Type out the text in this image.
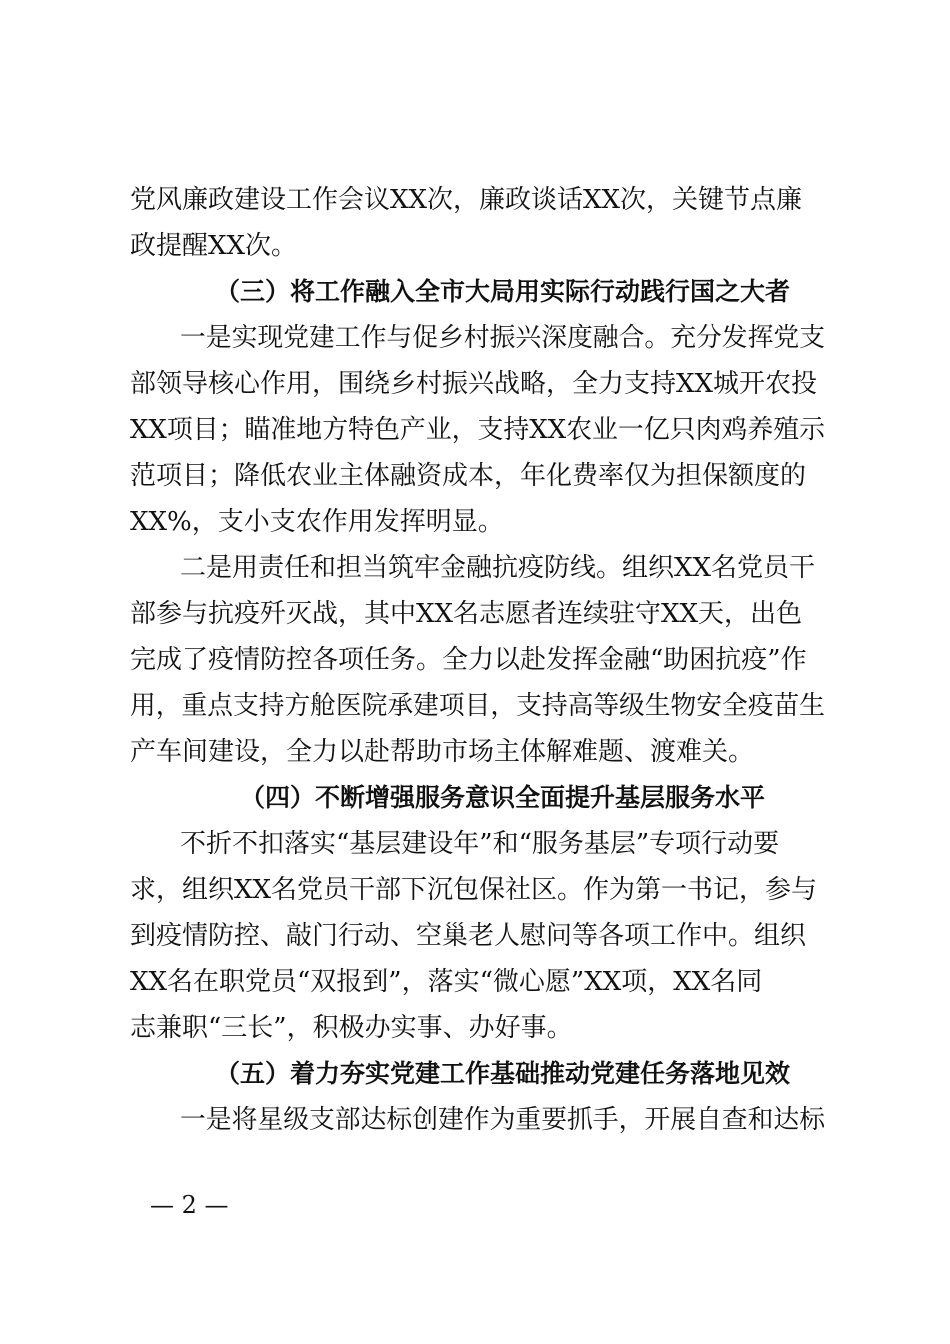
党风廉政建设工作会议XX次，廉政谈话XX次，关键节点廉
政提醒XX次。
（三）将工作融入全市大局用实际行动践行国之大者
一是实现党建工作与促乡村振兴深度融合。充分发挥党支
部领导核心作用，围绕乡村振兴战略，全力支持XX城开农投
XX项目；瞄准地方特色产业，支持XX农业一亿只肉鸡养殖示
范项目；降低农业主体融资成本，年化费率仅为担保额度的
XX%，支小支农作用发挥明显。
二是用责任和担当筑牢金融抗疫防线。组织XX名党员干
部参与抗疫歼灭战，其中XX名志愿者连续驻守XX天，出色
完成了疫情防控各项任务。全力以赴发挥金融“助困抗疫”作
用，重点支持方舱医院承建项目，支持高等级生物安全疫苗生
产车间建设，全力以赴帮助市场主体解难题、渡难关。
（四）不断增强服务意识全面提升基层服务水平
不折不扣落实“基层建设年”和“服务基层”专项行动要
求，组织XX名党员干部下沉包保社区。作为第一书记，参与
到疫情防控、敲门行动、空巢老人慰问等各项工作中。组织
XX名在职党员“双报到”，落实“微心愿”XX项，XX名同
志兼职“三长”，积极办实事、办好事。
（五）着力夯实党建工作基础推动党建任务落地见效
一是将星级支部达标创建作为重要抓手，开展自查和达标
— 2 —
